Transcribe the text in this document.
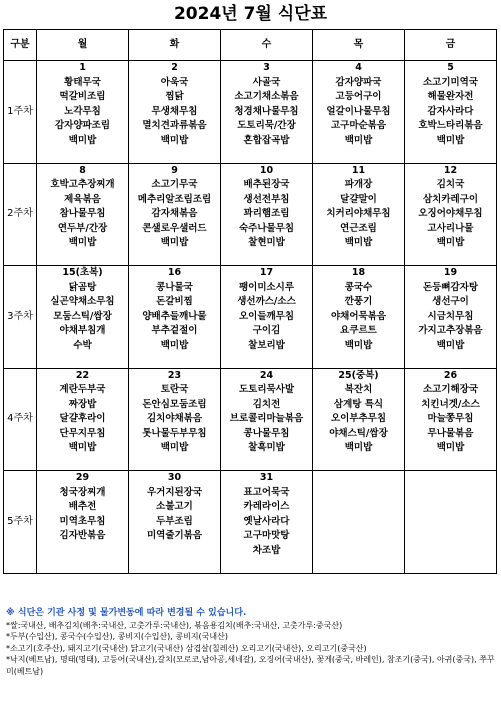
2024년 7월 식단표
구분	월	화	수	목	금
1주차	1	2	3	4	5
	황태무국	아욱국	사골국	감자양파국	소고기미역국
	떡갈비조림	찜닭	소고기채소볶음	고등어구이	해물완자전
	노각무침	무생채무침	청경채나물무침	얼갈이나물무침	감자사라다
	감자양파조림	멸치견과류볶음	도토리묵/간장	고구마순볶음	호박느타리볶음
	백미밥	백미밥	혼합잡곡밥	백미밥	백미밥

2주차	8	9	10	11	12
	호박고추장찌개	소고기무국	배추된장국	파개장	김치국
	제육볶음	메추리알조림조림	생선전부침	달걀말이	삼치카레구이
	참나물무침	감자채볶음	꽈리햄조림	치커리야채무침	오징어야채무침
	연두부/간장	콘샐로우샐러드	숙주나물무침	연근조림	고사리나물
	백미밥	백미밥	찰현미밥	백미밥	백미밥

3주차	15(초복)	16	17	18	19
	닭곰탕	콩나물국	팽이미소시루	콩국수	돈등뼈감자탕
	실곤약채소무침	돈갈비찜	생선까스/소스	깐풍기	생선구이
	모둠스틱/쌈장	양배추들깨나물	오이들깨무침	야채어묵볶음	시금치무침
	야채부침개	부추겉절이	구이김	요쿠르트	가지고추장볶음
	수박	백미밥	찰보리밥	백미밥	백미밥

4주차	22	23	24	25(중복)	26
	계란두부국	토란국	도토리묵사발	복잔치	소고기해장국
	짜장밥	돈안심모둠조림	김치전	삼계탕 특식	치킨너겟/소스
	달걀후라이	김치야채볶음	브로콜리마늘볶음	오이부추무침	마늘쫑무침
	단무지무침	톳나물두부무침	콩나물무침	야채스틱/쌈장	무나물볶음
	백미밥	백미밥	찰흑미밥	백미밥	백미밥

5주차	29	30	31		
	청국장찌개	우거지된장국	표고어묵국		
	배추전	소불고기	카레라이스		
	미역초무침	두부조림	옛날사라다		
	김자반볶음	미역줄기볶음	고구마맛탕		
			차조밥		

※ 식단은 기관 사정 및 물가변동에 따라 변경될 수 있습니다.
*쌀:국내산, 배추김치(배추:국내산, 고춧가루:국내산), 볶음용김치(배추:국내산, 고춧가루:중국산)
*두부(수입산), 콩국수(수입산), 콩비지(수입산), 콩비지(국내산)
*소고기(호주산), 돼지고기(국내산) 닭고기(국내산) 삼겹살(칠레산) 오리고기(국내산), 오리고기(중국산)
*낙지(베트남), 명태(명태), 고등어(국내산),갈치(모로코,남아공,세네갈), 오징어(국내산), 꽃게(중국, 바레인), 참조기(중국), 아귀(중국), 쭈꾸미(베트남)
